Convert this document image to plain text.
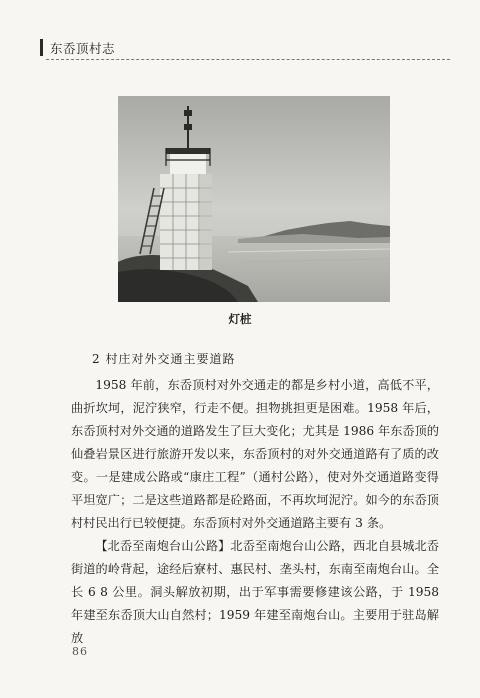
东岙顶村志
灯桩
2 村庄对外交通主要道路

1958 年前，东岙顶村对外交通走的都是乡村小道，高低不平，曲折坎坷，泥泞狭窄，行走不便。担物挑担更是困难。1958 年后，东岙顶村对外交通的道路发生了巨大变化；尤其是 1986 年东岙顶的仙叠岩景区进行旅游开发以来，东岙顶村的对外交通道路有了质的改变。一是建成公路或“康庄工程”（通村公路），使对外交通道路变得平坦宽广；二是这些道路都是砼路面，不再坎坷泥泞。如今的东岙顶村村民出行已较便捷。东岙顶村对外交通道路主要有 3 条。

【北岙至南炮台山公路】北岙至南炮台山公路，西北自县城北岙街道的岭背起，途经后寮村、惠民村、垄头村，东南至南炮台山。全长 6 8 公里。洞头解放初期，出于军事需要修建该公路，于 1958 年建至东岙顶大山自然村；1959 年建至南炮台山。主要用于驻岛解放

86
